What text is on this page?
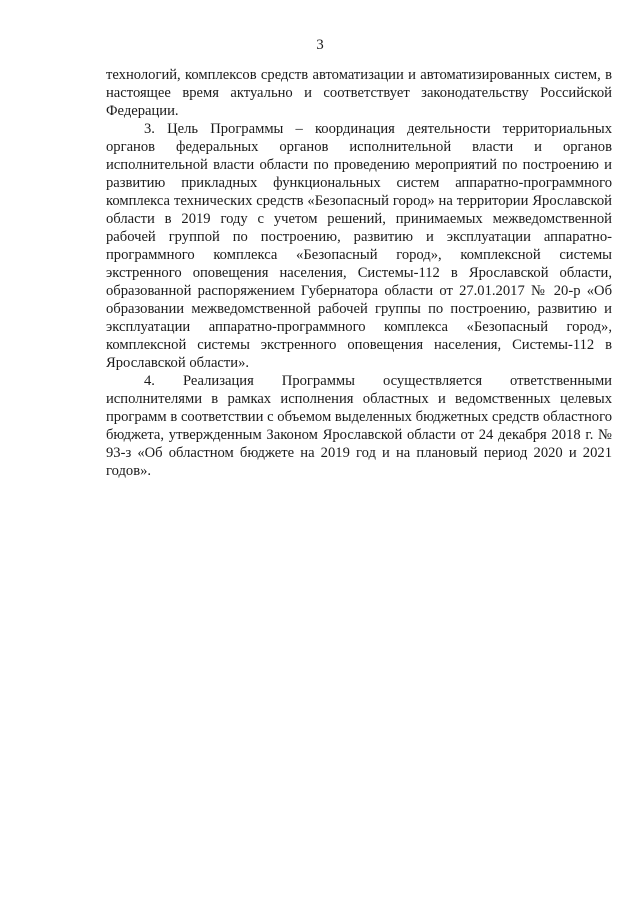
3

технологий, комплексов средств автоматизации и автоматизированных систем, в настоящее время актуально и соответствует законодательству Российской Федерации.

3. Цель Программы – координация деятельности территориальных органов федеральных органов исполнительной власти и органов исполнительной власти области по проведению мероприятий по построению и развитию прикладных функциональных систем аппаратно-программного комплекса технических средств «Безопасный город» на территории Ярославской области в 2019 году с учетом решений, принимаемых межведомственной рабочей группой по построению, развитию и эксплуатации аппаратно-программного комплекса «Безопасный город», комплексной системы экстренного оповещения населения, Системы-112 в Ярославской области, образованной распоряжением Губернатора области от 27.01.2017 № 20-р «Об образовании межведомственной рабочей группы по построению, развитию и эксплуатации аппаратно-программного комплекса «Безопасный город», комплексной системы экстренного оповещения населения, Системы-112 в Ярославской области».

4. Реализация Программы осуществляется ответственными исполнителями в рамках исполнения областных и ведомственных целевых программ в соответствии с объемом выделенных бюджетных средств областного бюджета, утвержденным Законом Ярославской области от 24 декабря 2018 г. № 93-з «Об областном бюджете на 2019 год и на плановый период 2020 и 2021 годов».
